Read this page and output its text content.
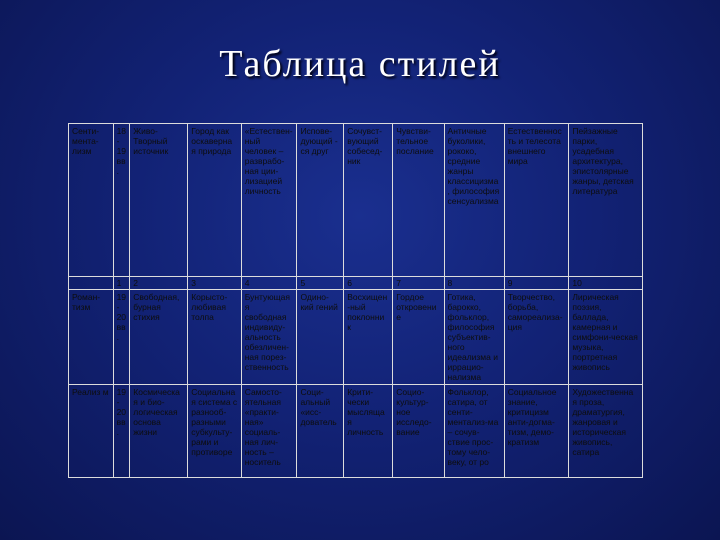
Таблица стилей
Сенти-мента-лизм	18 - 19 вв.	Живо-Творный источник	Город как оскаверна я природа	«Естествен-ный человек – разврабо-ная ции-лизацией личность	Испове-дующий - ся друг	Сочувст-вующий собесед-ник	Чувстви-тельное послание	Античные буколики, рококо, средние жанры классицизма, философия сенсуализма	Естественность и телесота внешнего мира	Пейзажные парки, усадебная архитектура, эпистолярные жанры, детская литература
	1	2	3	4	5	6	7	8	9	10
Роман-тизм	19 - 20 вв.	Свободная, бурная стихия	Корысто-любивая толпа	Бунтующая я свободная индивиду-альность обезличен-ная порез-ственность	Одино-кий гений	Восхищен-ный поклонни к	Гордое откровени е	Готика, барокко, фольклор, философия субъектив-ного идеализма и иррацио-нализма	Творчество, борьба, самореализа-ция	Лирическая поэзия, баллада, камерная и симфони-ческая музыка, портретная живопись
Реализ м	19 - 20 вв.	Космическа я и био-логическая основа жизни	Социальна я система с разнооб-разными субкульту-рами и противоре	Самосто-ятельная «практи-ная» социаль-ная лич-ность – носитель	Соци-альный «исс-дователь	Крити-чески мыслящая личность	Социо-культур-ное исследо-вание	Фольклор, сатира, от сенти-ментализ-ма – сочув-ствие прос-тому чело-веку, от ро	Социальное знание, критицизм анти-догма-тизм, демо-кратизм	Художественна я проза, драматургия, жанровая и историческая живопись, сатира
